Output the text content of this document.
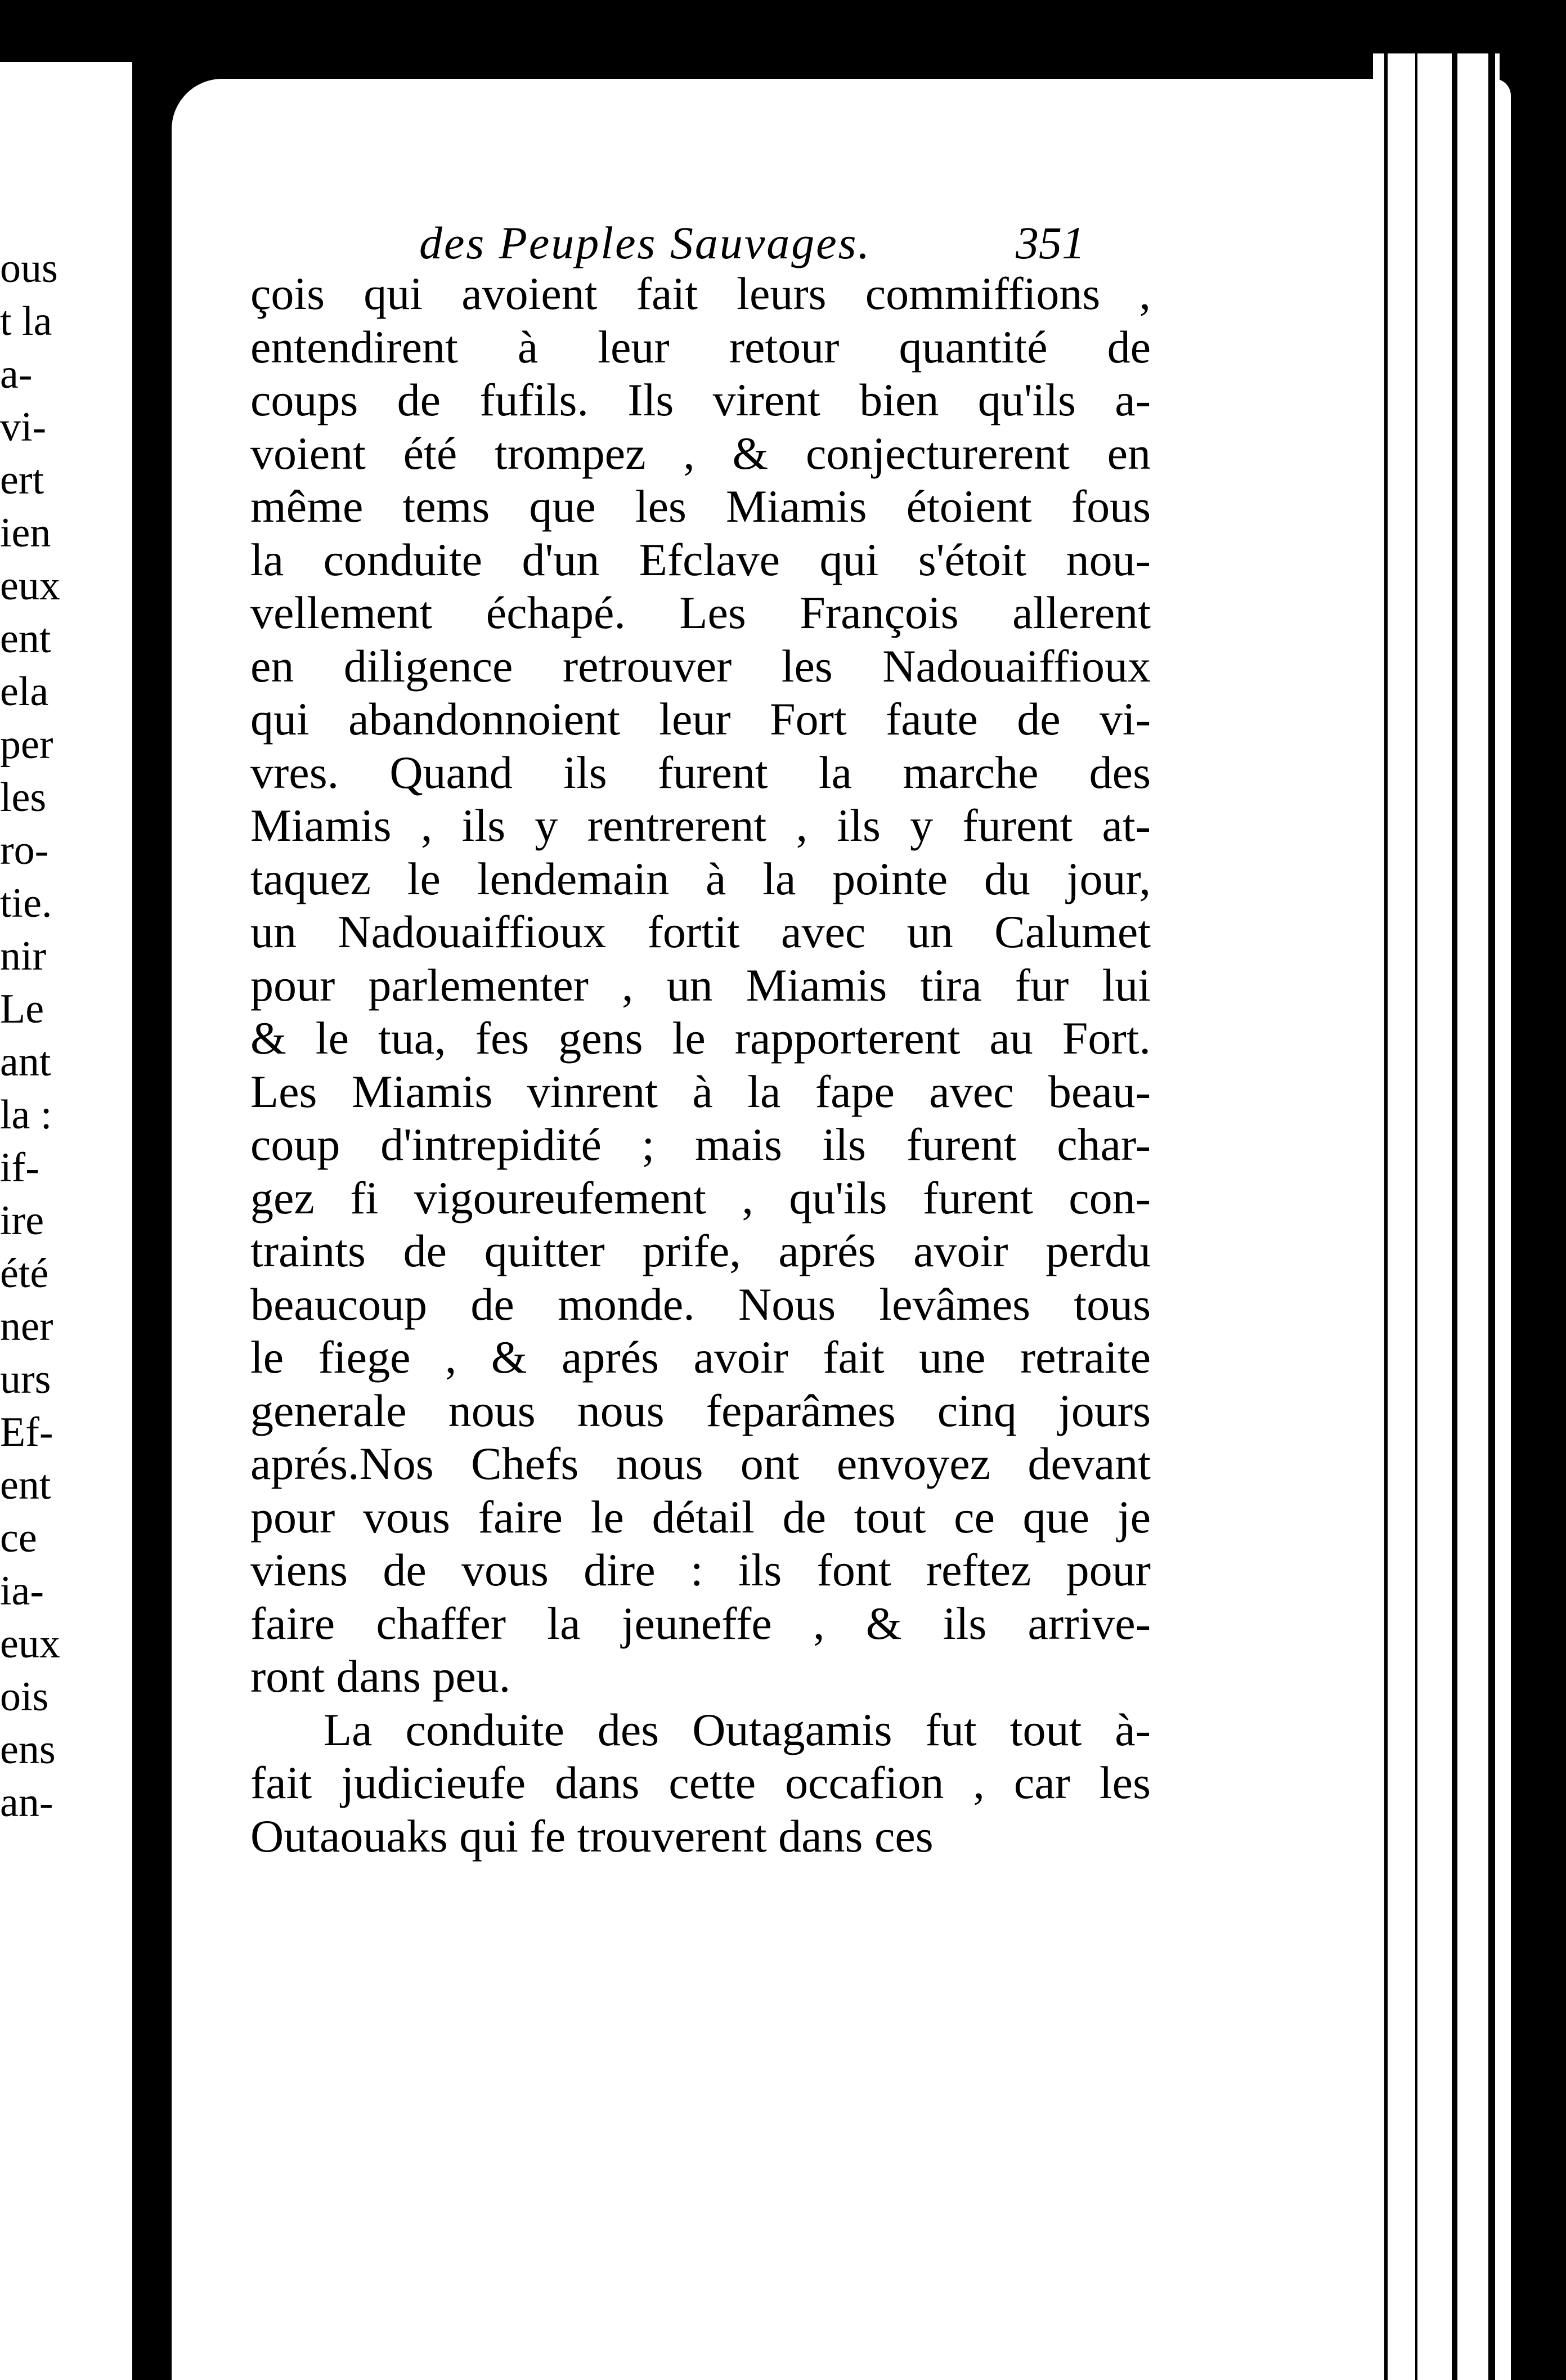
ous
t la
a-
vi-
ert
ien
eux
ent
ela
per
les
ro-
tie.
nir
Le
ant
la :
if-
ire
été
ner
urs
Ef-
ent
ce
ia-
eux
ois
ens
an-
des Peuples Sauvages.	351
çois qui avoient fait leurs commiffions ,
entendirent à leur retour quantité de
coups de fufils. Ils virent bien qu'ils a-
voient été trompez , & conjecturerent en
même tems que les Miamis étoient fous
la conduite d'un Efclave qui s'étoit nou-
vellement échapé. Les François allerent
en diligence retrouver les Nadouaiffioux
qui abandonnoient leur Fort faute de vi-
vres. Quand ils furent la marche des
Miamis , ils y rentrerent , ils y furent at-
taquez le lendemain à la pointe du jour,
un Nadouaiffioux fortit avec un Calumet
pour parlementer , un Miamis tira fur lui
& le tua, fes gens le rapporterent au Fort.
Les Miamis vinrent à la fape avec beau-
coup d'intrepidité ; mais ils furent char-
gez fi vigoureufement , qu'ils furent con-
traints de quitter prife, aprés avoir perdu
beaucoup de monde. Nous levâmes tous
le fiege , & aprés avoir fait une retraite
generale nous nous feparâmes cinq jours
aprés.Nos Chefs nous ont envoyez devant
pour vous faire le détail de tout ce que je
viens de vous dire : ils font reftez pour
faire chaffer la jeuneffe , & ils arrive-
ront dans peu.
La conduite des Outagamis fut tout à-
fait judicieufe dans cette occafion , car les
Outaouaks qui fe trouverent dans ces
